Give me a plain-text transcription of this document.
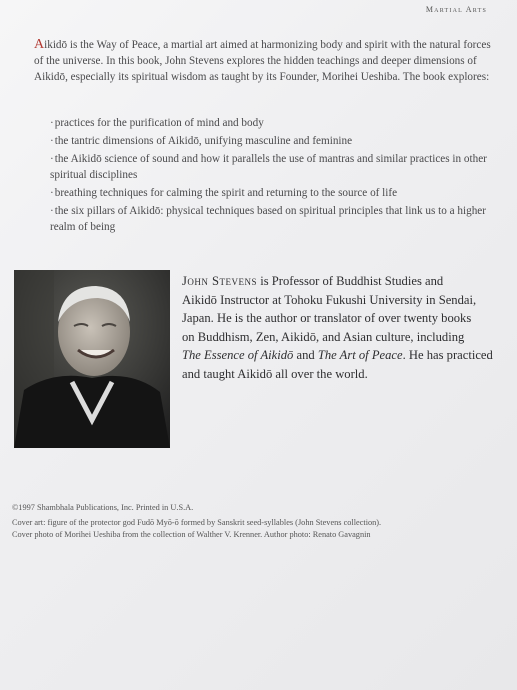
Martial Arts
Aikidō is the Way of Peace, a martial art aimed at harmonizing body and spirit with the natural forces of the universe. In this book, John Stevens explores the hidden teachings and deeper dimensions of Aikidō, especially its spiritual wisdom as taught by its Founder, Morihei Ueshiba. The book explores:
· practices for the purification of mind and body
· the tantric dimensions of Aikidō, unifying masculine and feminine
· the Aikidō science of sound and how it parallels the use of mantras and similar practices in other spiritual disciplines
· breathing techniques for calming the spirit and returning to the source of life
· the six pillars of Aikidō: physical techniques based on spiritual principles that link us to a higher realm of being
John Stevens is Professor of Buddhist Studies and
Aikidō Instructor at Tohoku Fukushi University in Sendai,
Japan. He is the author or translator of over twenty books
on Buddhism, Zen, Aikidō, and Asian culture, including
The Essence of Aikidō and The Art of Peace. He has practiced
and taught Aikidō all over the world.
©1997 Shambhala Publications, Inc. Printed in U.S.A.
Cover art: figure of the protector god Fudō Myō-ō formed by Sanskrit seed-syllables (John Stevens collection).
Cover photo of Morihei Ueshiba from the collection of Walther V. Krenner. Author photo: Renato Gavagnin
